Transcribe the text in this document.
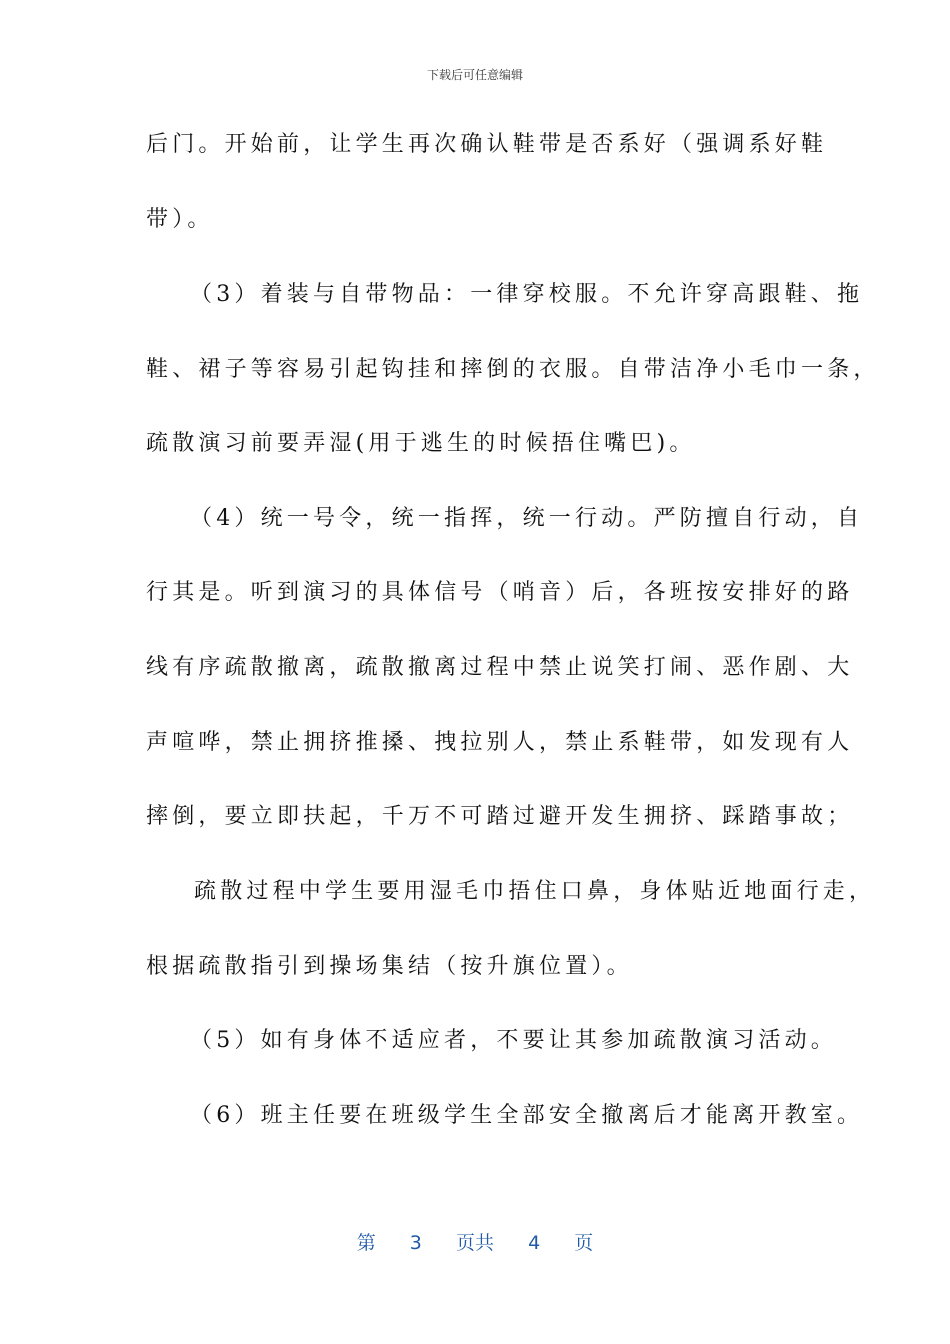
下载后可任意编辑
后门。开始前，让学生再次确认鞋带是否系好（强调系好鞋
带）。
（3）着装与自带物品：一律穿校服。不允许穿高跟鞋、拖
鞋、裙子等容易引起钩挂和摔倒的衣服。自带洁净小毛巾一条，
疏散演习前要弄湿(用于逃生的时候捂住嘴巴)。
（4）统一号令，统一指挥，统一行动。严防擅自行动，自
行其是。听到演习的具体信号（哨音）后，各班按安排好的路
线有序疏散撤离，疏散撤离过程中禁止说笑打闹、恶作剧、大
声喧哗，禁止拥挤推搡、拽拉别人，禁止系鞋带，如发现有人
摔倒，要立即扶起，千万不可踏过避开发生拥挤、踩踏事故；
疏散过程中学生要用湿毛巾捂住口鼻，身体贴近地面行走，
根据疏散指引到操场集结（按升旗位置）。
（5）如有身体不适应者，不要让其参加疏散演习活动。
（6）班主任要在班级学生全部安全撤离后才能离开教室。
第 3 页共 4 页
